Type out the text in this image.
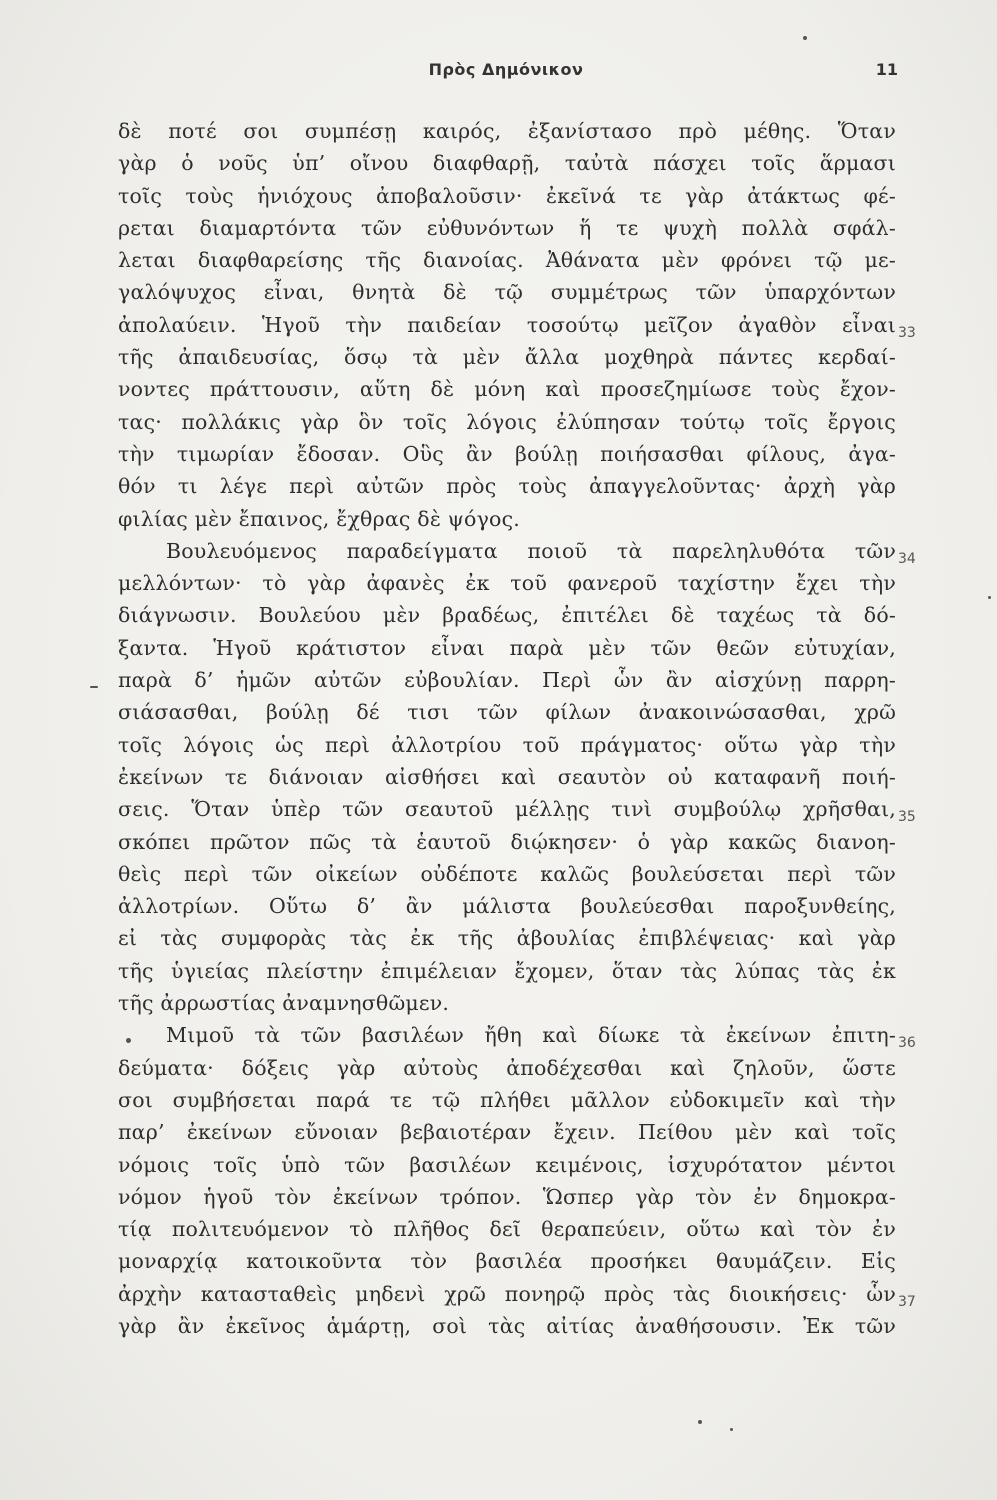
Πρὸς Δημόνικον	11
δὲ ποτέ σοι συμπέσῃ καιρός, ἐξανίστασο πρὸ μέθης. Ὅταν
γὰρ ὁ νοῦς ὑπ’ οἴνου διαφθαρῇ, ταὐτὰ πάσχει τοῖς ἅρμασι
τοῖς τοὺς ἡνιόχους ἀποβαλοῦσιν· ἐκεῖνά τε γὰρ ἀτάκτως φέ-
ρεται διαμαρτόντα τῶν εὐθυνόντων ἥ τε ψυχὴ πολλὰ σφάλ-
λεται διαφθαρείσης τῆς διανοίας. Ἀθάνατα μὲν φρόνει τῷ με-
γαλόψυχος εἶναι, θνητὰ δὲ τῷ συμμέτρως τῶν ὑπαρχόντων
ἀπολαύειν. Ἡγοῦ τὴν παιδείαν τοσούτῳ μεῖζον ἀγαθὸν εἶναι
τῆς ἀπαιδευσίας, ὅσῳ τὰ μὲν ἄλλα μοχθηρὰ πάντες κερδαί-
νοντες πράττουσιν, αὕτη δὲ μόνη καὶ προσεζημίωσε τοὺς ἔχον-
τας· πολλάκις γὰρ ὃν τοῖς λόγοις ἐλύπησαν τούτῳ τοῖς ἔργοις
τὴν τιμωρίαν ἔδοσαν. Οὓς ἂν βούλῃ ποιήσασθαι φίλους, ἀγα-
θόν τι λέγε περὶ αὐτῶν πρὸς τοὺς ἀπαγγελοῦντας· ἀρχὴ γὰρ
φιλίας μὲν ἔπαινος, ἔχθρας δὲ ψόγος.
Βουλευόμενος παραδείγματα ποιοῦ τὰ παρεληλυθότα τῶν
μελλόντων· τὸ γὰρ ἀφανὲς ἐκ τοῦ φανεροῦ ταχίστην ἔχει τὴν
διάγνωσιν. Βουλεύου μὲν βραδέως, ἐπιτέλει δὲ ταχέως τὰ δό-
ξαντα. Ἡγοῦ κράτιστον εἶναι παρὰ μὲν τῶν θεῶν εὐτυχίαν,
παρὰ δ’ ἡμῶν αὐτῶν εὐβουλίαν. Περὶ ὧν ἂν αἰσχύνῃ παρρη-
σιάσασθαι, βούλῃ δέ τισι τῶν φίλων ἀνακοινώσασθαι, χρῶ
τοῖς λόγοις ὡς περὶ ἀλλοτρίου τοῦ πράγματος· οὕτω γὰρ τὴν
ἐκείνων τε διάνοιαν αἰσθήσει καὶ σεαυτὸν οὐ καταφανῆ ποιή-
σεις. Ὅταν ὑπὲρ τῶν σεαυτοῦ μέλλῃς τινὶ συμβούλῳ χρῆσθαι,
σκόπει πρῶτον πῶς τὰ ἑαυτοῦ διῴκησεν· ὁ γὰρ κακῶς διανοη-
θεὶς περὶ τῶν οἰκείων οὐδέποτε καλῶς βουλεύσεται περὶ τῶν
ἀλλοτρίων. Οὕτω δ’ ἂν μάλιστα βουλεύεσθαι παροξυνθείης,
εἰ τὰς συμφορὰς τὰς ἐκ τῆς ἀβουλίας ἐπιβλέψειας· καὶ γὰρ
τῆς ὑγιείας πλείστην ἐπιμέλειαν ἔχομεν, ὅταν τὰς λύπας τὰς ἐκ
τῆς ἀρρωστίας ἀναμνησθῶμεν.
Μιμοῦ τὰ τῶν βασιλέων ἤθη καὶ δίωκε τὰ ἐκείνων ἐπιτη-
δεύματα· δόξεις γὰρ αὐτοὺς ἀποδέχεσθαι καὶ ζηλοῦν, ὥστε
σοι συμβήσεται παρά τε τῷ πλήθει μᾶλλον εὐδοκιμεῖν καὶ τὴν
παρ’ ἐκείνων εὔνοιαν βεβαιοτέραν ἔχειν. Πείθου μὲν καὶ τοῖς
νόμοις τοῖς ὑπὸ τῶν βασιλέων κειμένοις, ἰσχυρότατον μέντοι
νόμον ἡγοῦ τὸν ἐκείνων τρόπον. Ὥσπερ γὰρ τὸν ἐν δημοκρα-
τίᾳ πολιτευόμενον τὸ πλῆθος δεῖ θεραπεύειν, οὕτω καὶ τὸν ἐν
μοναρχίᾳ κατοικοῦντα τὸν βασιλέα προσήκει θαυμάζειν. Εἰς
ἀρχὴν κατασταθεὶς μηδενὶ χρῶ πονηρῷ πρὸς τὰς διοικήσεις· ὧν
γὰρ ἂν ἐκεῖνος ἁμάρτῃ, σοὶ τὰς αἰτίας ἀναθήσουσιν. Ἐκ τῶν
33
34
35
36
37
